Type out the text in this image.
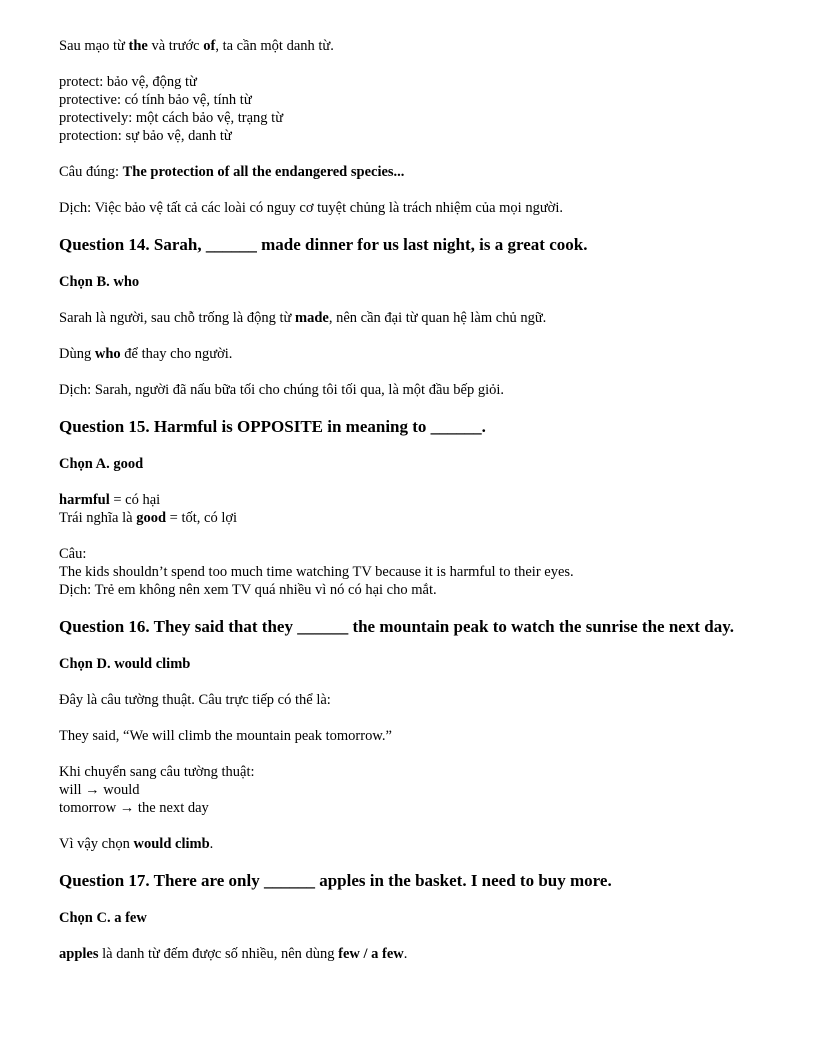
Sau mạo từ the và trước of, ta cần một danh từ.

protect: bảo vệ, động từ
protective: có tính bảo vệ, tính từ
protectively: một cách bảo vệ, trạng từ
protection: sự bảo vệ, danh từ

Câu đúng: The protection of all the endangered species...

Dịch: Việc bảo vệ tất cả các loài có nguy cơ tuyệt chủng là trách nhiệm của mọi người.

Question 14. Sarah, ______ made dinner for us last night, is a great cook.
Chọn B. who

Sarah là người, sau chỗ trống là động từ made, nên cần đại từ quan hệ làm chủ ngữ.

Dùng who để thay cho người.

Dịch: Sarah, người đã nấu bữa tối cho chúng tôi tối qua, là một đầu bếp giỏi.

Question 15. Harmful is OPPOSITE in meaning to ______.
Chọn A. good
harmful = có hại
Trái nghĩa là good = tốt, có lợi
Câu:
The kids shouldn’t spend too much time watching TV because it is harmful to their eyes.
Dịch: Trẻ em không nên xem TV quá nhiều vì nó có hại cho mắt.
Question 16. They said that they ______ the mountain peak to watch the sunrise the next day.
Chọn D. would climb

Đây là câu tường thuật. Câu trực tiếp có thể là:

They said, “We will climb the mountain peak tomorrow.”

Khi chuyển sang câu tường thuật:
will → would
tomorrow → the next day

Vì vậy chọn would climb.

Question 17. There are only ______ apples in the basket. I need to buy more.
Chọn C. a few

apples là danh từ đếm được số nhiều, nên dùng few / a few.
